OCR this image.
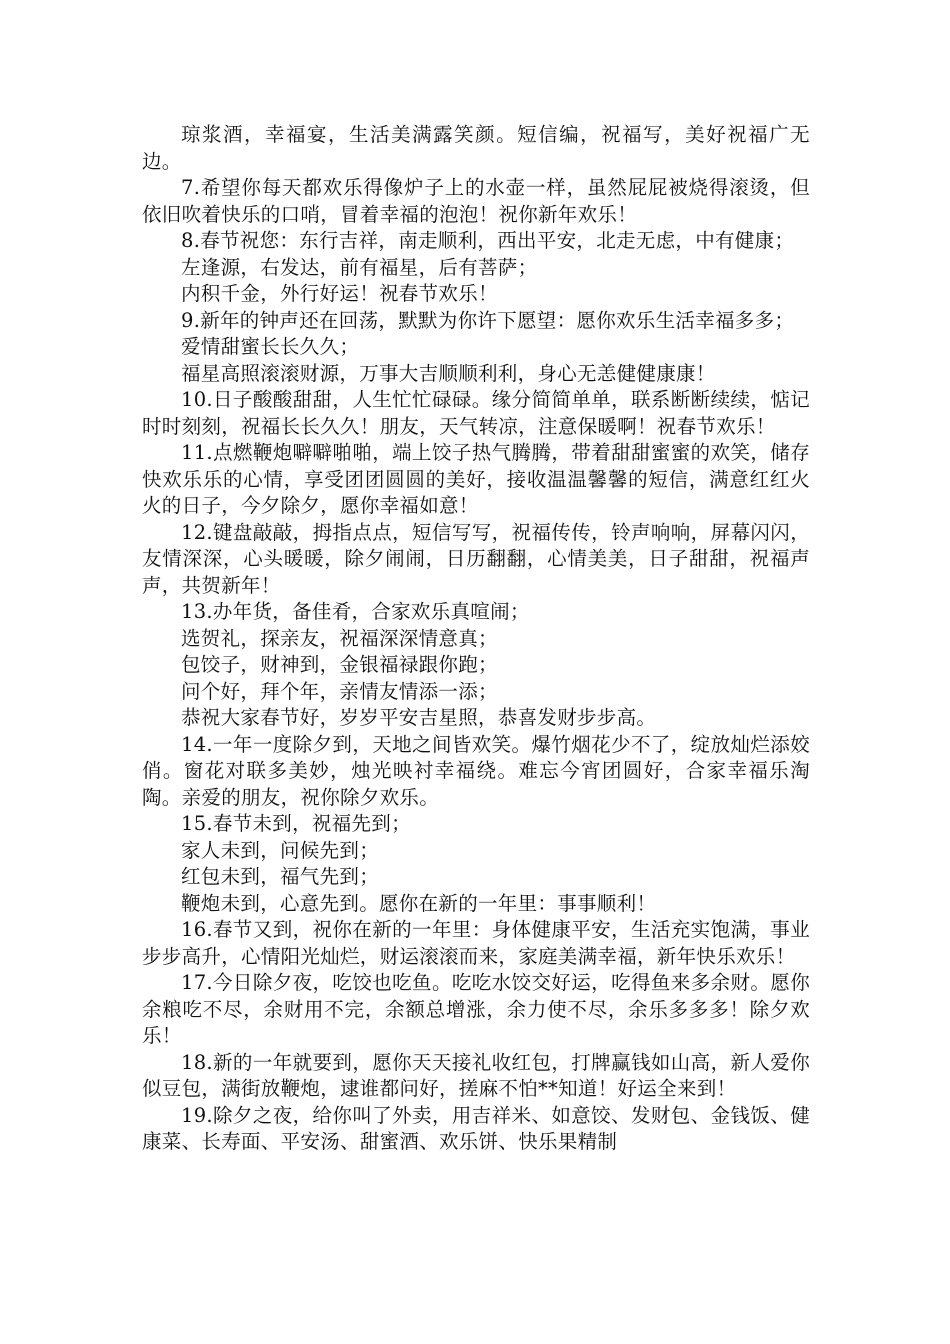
琼浆酒，幸福宴，生活美满露笑颜。短信编，祝福写，美好祝福广无边。

7.希望你每天都欢乐得像炉子上的水壶一样，虽然屁屁被烧得滚烫，但依旧吹着快乐的口哨，冒着幸福的泡泡！祝你新年欢乐！

8.春节祝您：东行吉祥，南走顺利，西出平安，北走无虑，中有健康；

左逢源，右发达，前有福星，后有菩萨；

内积千金，外行好运！祝春节欢乐！

9.新年的钟声还在回荡，默默为你许下愿望：愿你欢乐生活幸福多多；

爱情甜蜜长长久久；

福星高照滚滚财源，万事大吉顺顺利利，身心无恙健健康康！

10.日子酸酸甜甜，人生忙忙碌碌。缘分简简单单，联系断断续续，惦记时时刻刻，祝福长长久久！朋友，天气转凉，注意保暖啊！祝春节欢乐！

11.点燃鞭炮噼噼啪啪，端上饺子热气腾腾，带着甜甜蜜蜜的欢笑，储存快欢乐乐的心情，享受团团圆圆的美好，接收温温馨馨的短信，满意红红火火的日子，今夕除夕，愿你幸福如意！

12.键盘敲敲，拇指点点，短信写写，祝福传传，铃声响响，屏幕闪闪，友情深深，心头暖暖，除夕闹闹，日历翻翻，心情美美，日子甜甜，祝福声声，共贺新年！

13.办年货，备佳肴，合家欢乐真喧闹；

选贺礼，探亲友，祝福深深情意真；

包饺子，财神到，金银福禄跟你跑；

问个好，拜个年，亲情友情添一添；

恭祝大家春节好，岁岁平安吉星照，恭喜发财步步高。

14.一年一度除夕到，天地之间皆欢笑。爆竹烟花少不了，绽放灿烂添姣俏。窗花对联多美妙，烛光映衬幸福绕。难忘今宵团圆好，合家幸福乐淘陶。亲爱的朋友，祝你除夕欢乐。

15.春节未到，祝福先到；

家人未到，问候先到；

红包未到，福气先到；

鞭炮未到，心意先到。愿你在新的一年里：事事顺利！

16.春节又到，祝你在新的一年里：身体健康平安，生活充实饱满，事业步步高升，心情阳光灿烂，财运滚滚而来，家庭美满幸福，新年快乐欢乐！

17.今日除夕夜，吃饺也吃鱼。吃吃水饺交好运，吃得鱼来多余财。愿你余粮吃不尽，余财用不完，余额总增涨，余力使不尽，余乐多多多！除夕欢乐！

18.新的一年就要到，愿你天天接礼收红包，打牌赢钱如山高，新人爱你似豆包，满街放鞭炮，逮谁都问好，搓麻不怕**知道！好运全来到！

19.除夕之夜，给你叫了外卖，用吉祥米、如意饺、发财包、金钱饭、健康菜、长寿面、平安汤、甜蜜酒、欢乐饼、快乐果精制
